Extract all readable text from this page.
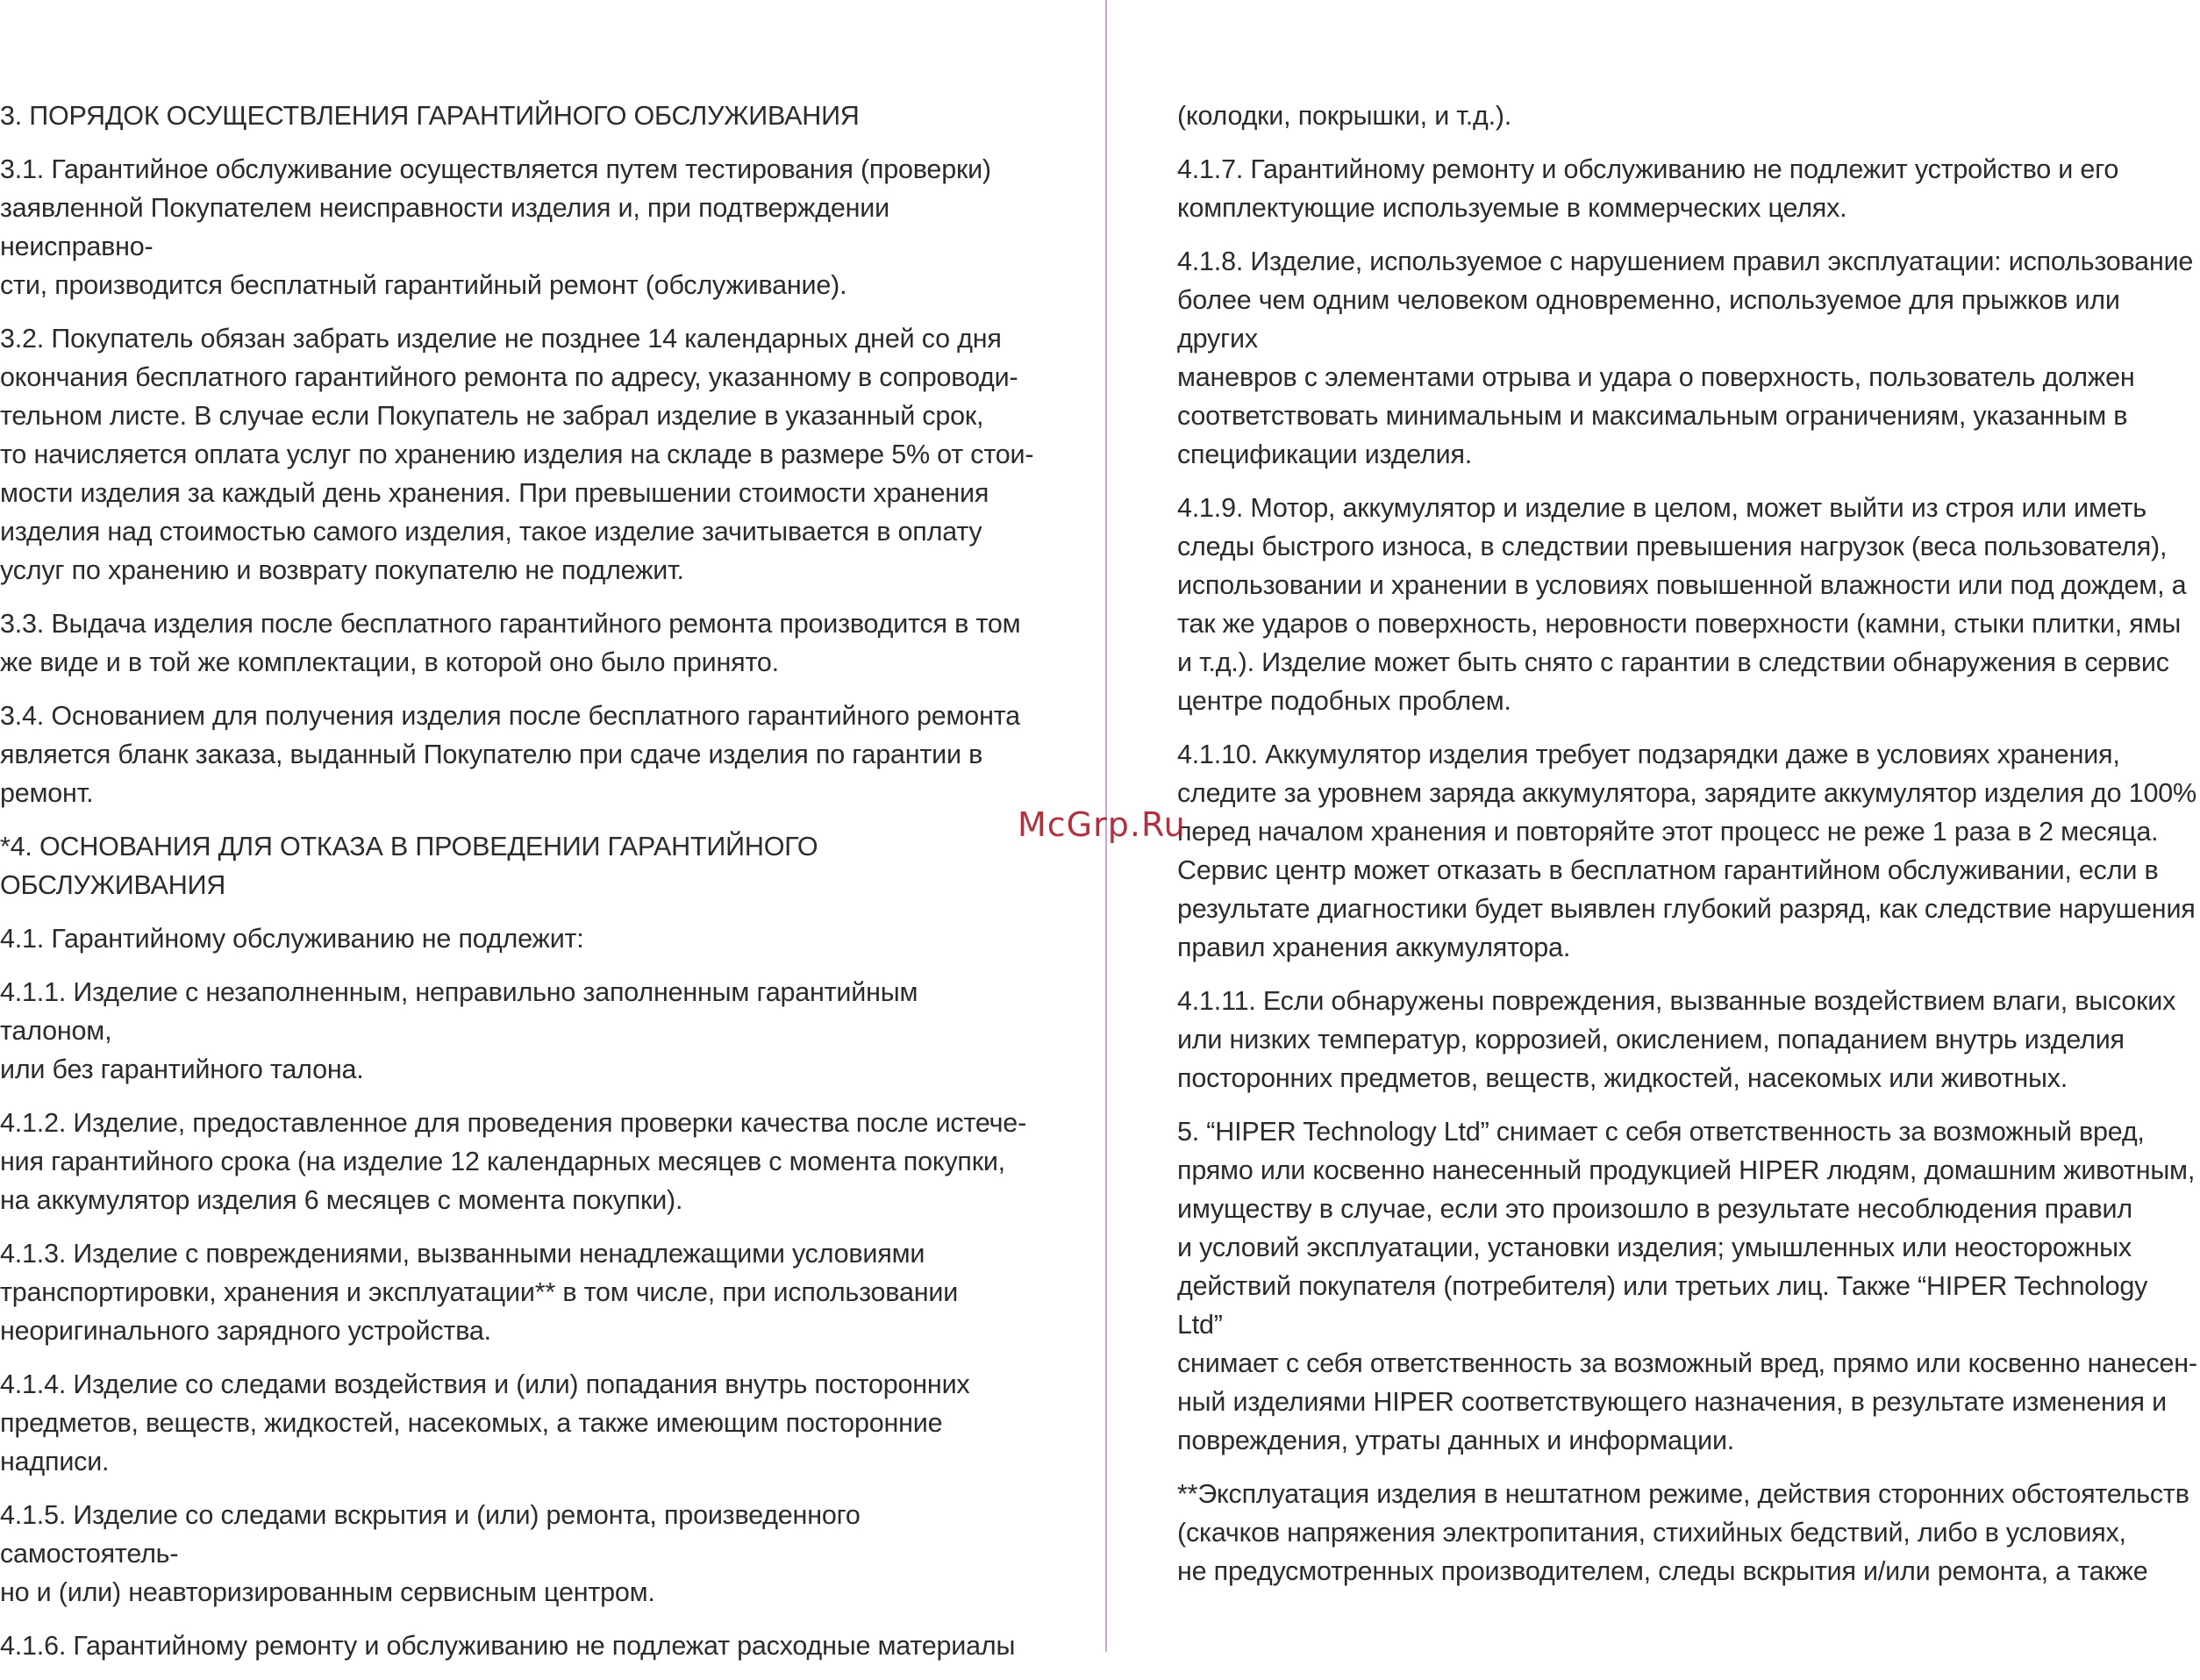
3. ПОРЯДОК ОСУЩЕСТВЛЕНИЯ ГАРАНТИЙНОГО ОБСЛУЖИВАНИЯ

3.1. Гарантийное обслуживание осуществляется путем тестирования (проверки)
заявленной Покупателем неисправности изделия и, при подтверждении неисправно-
сти, производится бесплатный гарантийный ремонт (обслуживание).

3.2. Покупатель обязан забрать изделие не позднее 14 календарных дней со дня
окончания бесплатного гарантийного ремонта по адресу, указанному в сопроводи-
тельном листе. В случае если Покупатель не забрал изделие в указанный срок,
то начисляется оплата услуг по хранению изделия на складе в размере 5% от стои-
мости изделия за каждый день хранения. При превышении стоимости хранения
изделия над стоимостью самого изделия, такое изделие зачитывается в оплату
услуг по хранению и возврату покупателю не подлежит.

3.3. Выдача изделия после бесплатного гарантийного ремонта производится в том
же виде и в той же комплектации, в которой оно было принято.

3.4. Основанием для получения изделия после бесплатного гарантийного ремонта
является бланк заказа, выданный Покупателю при сдаче изделия по гарантии в
ремонт.

*4. ОСНОВАНИЯ ДЛЯ ОТКАЗА В ПРОВЕДЕНИИ ГАРАНТИЙНОГО ОБСЛУЖИВАНИЯ

4.1. Гарантийному обслуживанию не подлежит:

4.1.1. Изделие с незаполненным, неправильно заполненным гарантийным талоном,
или без гарантийного талона.

4.1.2. Изделие, предоставленное для проведения проверки качества после истече-
ния гарантийного срока (на изделие 12 календарных месяцев с момента покупки,
на аккумулятор изделия 6 месяцев с момента покупки).

4.1.3. Изделие с повреждениями, вызванными ненадлежащими условиями
транспортировки, хранения и эксплуатации** в том числе, при использовании
неоригинального зарядного устройства.

4.1.4. Изделие со следами воздействия и (или) попадания внутрь посторонних
предметов, веществ, жидкостей, насекомых, а также имеющим посторонние
надписи.

4.1.5. Изделие со следами вскрытия и (или) ремонта, произведенного самостоятель-
но и (или) неавторизированным сервисным центром.

4.1.6. Гарантийному ремонту и обслуживанию не подлежат расходные материалы

(колодки, покрышки, и т.д.).

4.1.7. Гарантийному ремонту и обслуживанию не подлежит устройство и его
комплектующие используемые в коммерческих целях.

4.1.8. Изделие, используемое с нарушением правил эксплуатации: использование
более чем одним человеком одновременно, используемое для прыжков или других
маневров с элементами отрыва и удара о поверхность, пользователь должен
соответствовать минимальным и максимальным ограничениям, указанным в
спецификации изделия.

4.1.9. Мотор, аккумулятор и изделие в целом, может выйти из строя или иметь
следы быстрого износа, в следствии превышения нагрузок (веса пользователя),
использовании и хранении в условиях повышенной влажности или под дождем, а
так же ударов о поверхность, неровности поверхности (камни, стыки плитки, ямы
и т.д.). Изделие может быть снято с гарантии в следствии обнаружения в сервис
центре подобных проблем.

4.1.10. Аккумулятор изделия требует подзарядки даже в условиях хранения,
следите за уровнем заряда аккумулятора, зарядите аккумулятор изделия до 100%
перед началом хранения и повторяйте этот процесс не реже 1 раза в 2 месяца.
Сервис центр может отказать в бесплатном гарантийном обслуживании, если в
результате диагностики будет выявлен глубокий разряд, как следствие нарушения
правил хранения аккумулятора.

4.1.11. Если обнаружены повреждения, вызванные воздействием влаги, высоких
или низких температур, коррозией, окислением, попаданием внутрь изделия
посторонних предметов, веществ, жидкостей, насекомых или животных.

5. “HIPER Technology Ltd” снимает с себя ответственность за возможный вред,
прямо или косвенно нанесенный продукцией HIPER людям, домашним животным,
имуществу в случае, если это произошло в результате несоблюдения правил
и условий эксплуатации, установки изделия; умышленных или неосторожных
действий покупателя (потребителя) или третьих лиц. Также “HIPER Technology Ltd”
снимает с себя ответственность за возможный вред, прямо или косвенно нанесен-
ный изделиями HIPER соответствующего назначения, в результате изменения и
повреждения, утраты данных и информации.

**Эксплуатация изделия в нештатном режиме, действия сторонних обстоятельств
(скачков напряжения электропитания, стихийных бедствий, либо в условиях,
не предусмотренных производителем, следы вскрытия и/или ремонта, а также

McGrp.Ru
